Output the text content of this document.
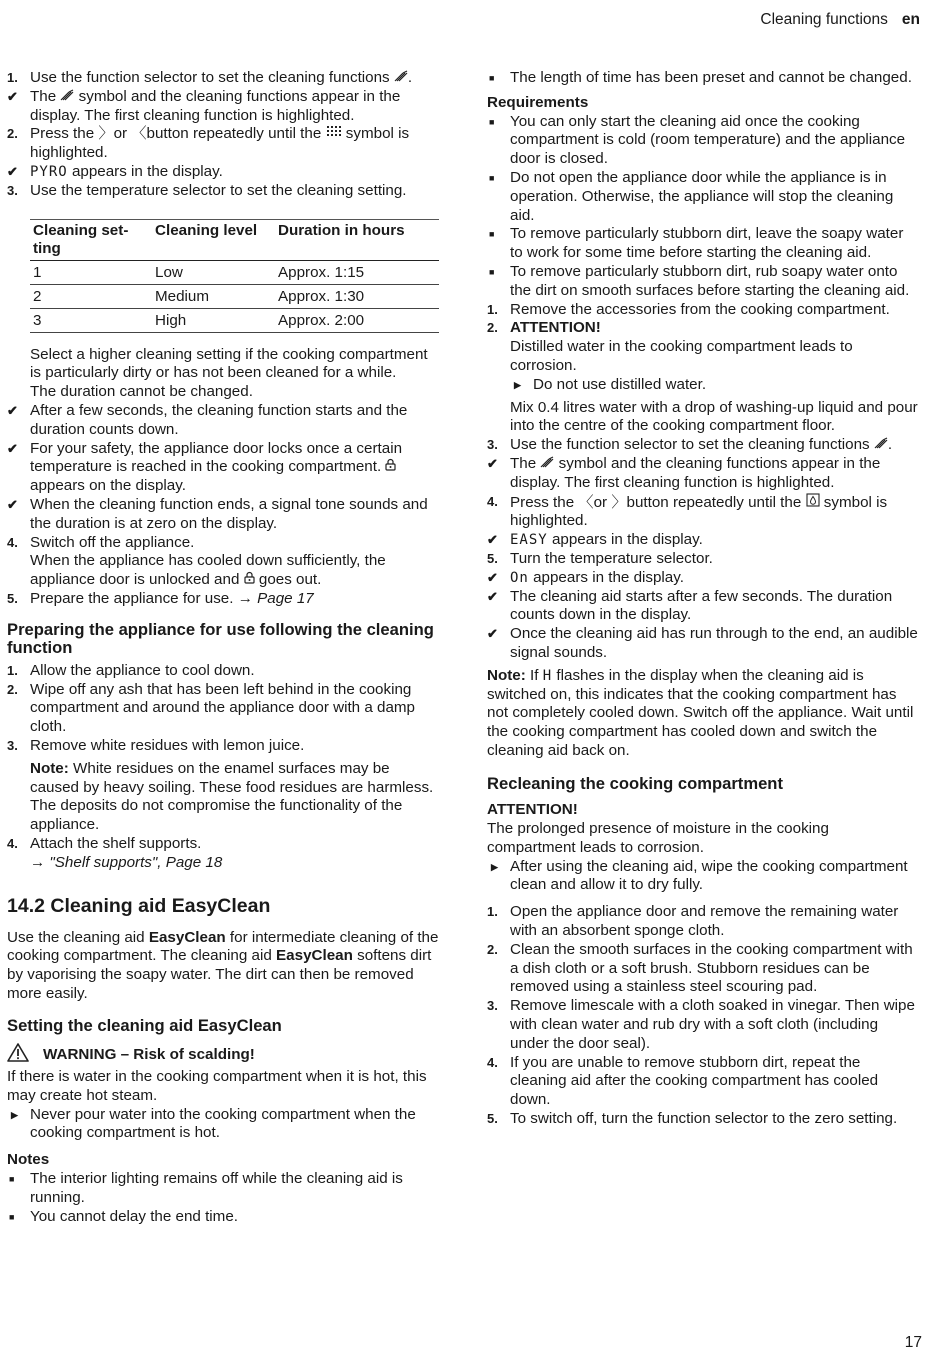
Cleaning functions en
1. Use the function selector to set the cleaning functions .
✔ The symbol and the cleaning functions appear in the display. The first cleaning function is highlighted.
2. Press the 〉or 〈button repeatedly until the symbol is highlighted.
✔ PYRO appears in the display.
3. Use the temperature selector to set the cleaning setting.
Cleaning setting	Cleaning level	Duration in hours
1	Low	Approx. 1:15
2	Medium	Approx. 1:30
3	High	Approx. 2:00
Select a higher cleaning setting if the cooking compartment is particularly dirty or has not been cleaned for a while.
The duration cannot be changed.
✔ After a few seconds, the cleaning function starts and the duration counts down.
✔ For your safety, the appliance door locks once a certain temperature is reached in the cooking compartment.  appears on the display.
✔ When the cleaning function ends, a signal tone sounds and the duration is at zero on the display.
4. Switch off the appliance.
When the appliance has cooled down sufficiently, the appliance door is unlocked and goes out.
5. Prepare the appliance for use. → Page 17
Preparing the appliance for use following the cleaning function
1. Allow the appliance to cool down.
2. Wipe off any ash that has been left behind in the cooking compartment and around the appliance door with a damp cloth.
3. Remove white residues with lemon juice.
Note: White residues on the enamel surfaces may be caused by heavy soiling. These food residues are harmless. The deposits do not compromise the functionality of the appliance.
4. Attach the shelf supports.
→ "Shelf supports", Page 18
14.2 Cleaning aid EasyClean
Use the cleaning aid EasyClean for intermediate cleaning of the cooking compartment. The cleaning aid EasyClean softens dirt by vaporising the soapy water. The dirt can then be removed more easily.
Setting the cleaning aid EasyClean
WARNING – Risk of scalding!
If there is water in the cooking compartment when it is hot, this may create hot steam.
▶ Never pour water into the cooking compartment when the cooking compartment is hot.
Notes
■	The interior lighting remains off while the cleaning aid is running.
■	You cannot delay the end time.
■	The length of time has been preset and cannot be changed.
Requirements
■	You can only start the cleaning aid once the cooking compartment is cold (room temperature) and the appliance door is closed.
■	Do not open the appliance door while the appliance is in operation. Otherwise, the appliance will stop the cleaning aid.
■	To remove particularly stubborn dirt, leave the soapy water to work for some time before starting the cleaning aid.
■	To remove particularly stubborn dirt, rub soapy water onto the dirt on smooth surfaces before starting the cleaning aid.
1. Remove the accessories from the cooking compartment.
2. ATTENTION!
Distilled water in the cooking compartment leads to corrosion.
▶ Do not use distilled water.
Mix 0.4 litres water with a drop of washing-up liquid and pour into the centre of the cooking compartment floor.
3. Use the function selector to set the cleaning functions .
✔ The symbol and the cleaning functions appear in the display. The first cleaning function is highlighted.
4. Press the 〈or 〉button repeatedly until the symbol is highlighted.
✔ EASY appears in the display.
5. Turn the temperature selector.
✔ On appears in the display.
✔ The cleaning aid starts after a few seconds. The duration counts down in the display.
✔ Once the cleaning aid has run through to the end, an audible signal sounds.
Note: If H flashes in the display when the cleaning aid is switched on, this indicates that the cooking compartment has not completely cooled down. Switch off the appliance. Wait until the cooking compartment has cooled down and switch the cleaning aid back on.
Recleaning the cooking compartment
ATTENTION!
The prolonged presence of moisture in the cooking compartment leads to corrosion.
▶ After using the cleaning aid, wipe the cooking compartment clean and allow it to dry fully.
1. Open the appliance door and remove the remaining water with an absorbent sponge cloth.
2. Clean the smooth surfaces in the cooking compartment with a dish cloth or a soft brush. Stubborn residues can be removed using a stainless steel scouring pad.
3. Remove limescale with a cloth soaked in vinegar. Then wipe with clean water and rub dry with a soft cloth (including under the door seal).
4. If you are unable to remove stubborn dirt, repeat the cleaning aid after the cooking compartment has cooled down.
5. To switch off, turn the function selector to the zero setting.
17
